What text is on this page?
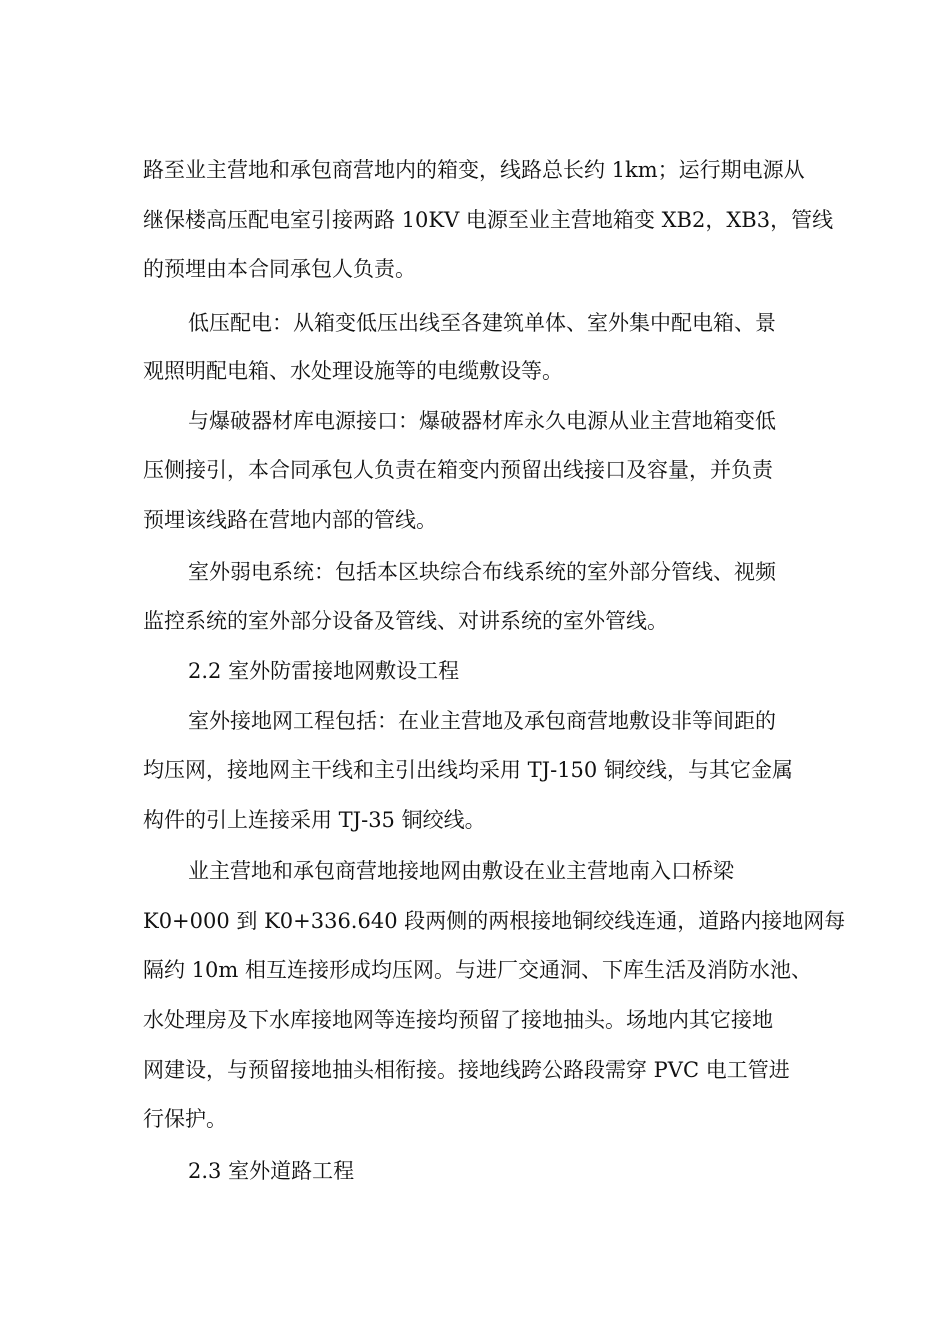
路至业主营地和承包商营地内的箱变，线路总长约 1km；运行期电源从
继保楼高压配电室引接两路 10KV 电源至业主营地箱变 XB2，XB3，管线
的预埋由本合同承包人负责。
低压配电：从箱变低压出线至各建筑单体、室外集中配电箱、景
观照明配电箱、水处理设施等的电缆敷设等。
与爆破器材库电源接口：爆破器材库永久电源从业主营地箱变低
压侧接引，本合同承包人负责在箱变内预留出线接口及容量，并负责
预埋该线路在营地内部的管线。
室外弱电系统：包括本区块综合布线系统的室外部分管线、视频
监控系统的室外部分设备及管线、对讲系统的室外管线。
2.2 室外防雷接地网敷设工程
室外接地网工程包括：在业主营地及承包商营地敷设非等间距的
均压网，接地网主干线和主引出线均采用 TJ-150 铜绞线，与其它金属
构件的引上连接采用 TJ-35 铜绞线。
业主营地和承包商营地接地网由敷设在业主营地南入口桥梁
K0+000 到 K0+336.640 段两侧的两根接地铜绞线连通，道路内接地网每
隔约 10m 相互连接形成均压网。与进厂交通洞、下库生活及消防水池、
水处理房及下水库接地网等连接均预留了接地抽头。场地内其它接地
网建设，与预留接地抽头相衔接。接地线跨公路段需穿 PVC 电工管进
行保护。
2.3 室外道路工程
